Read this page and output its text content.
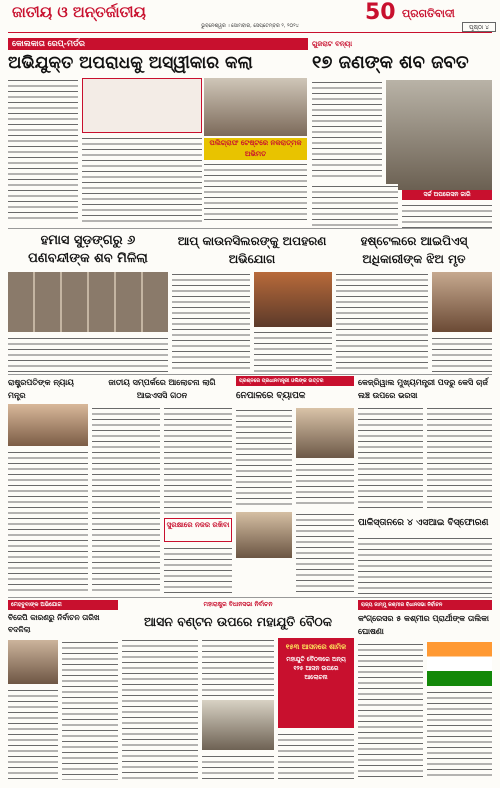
ଜାତୀୟ ଓ ଅନ୍ତର୍ଜାତୀୟ
ଭୁବନେଶ୍ୱର । ସୋମବାର, ସେପ୍ଟେମ୍ବର ୨, ୨୦୨୪
50 ପ୍ରଗତିବାଦୀ
ପୃଷ୍ଠା ୪
କୋଲକାତା ରେପ୍‌-ମର୍ଡର
ଅଭିଯୁକ୍ତ ଅପରାଧକୁ ଅସ୍ୱୀକାର କଲା
ପଲିଗ୍ରାଫ ଟେଷ୍ଟରେ ନକରାତ୍ମକ ଅଭିମତ
ଗୁଜରାଟ ବନ୍ୟା
୧୭ ଜଣଙ୍କ ଶବ ଜବତ
ସର୍ଚ୍ଚ ଅପରେସନ ଜାରି
ହମାସ ସୁଡ଼ଙ୍ଗରୁ ୬ ପଣବନ୍ଦୀଙ୍କ ଶବ ମିଳିଲା
ଆପ୍ କାଉନସିଲରଙ୍କୁ ଅପହରଣ ଅଭିଯୋଗ
ହଷ୍ଟେଲରେ ଆଇପିଏସ୍ ଅଧିକାରୀଙ୍କ ଝିଅ ମୃତ
ରାଷ୍ଟ୍ରପତିଙ୍କ ନ୍ୟାୟ ମନ୍ତ୍ର
ଜାତୀୟ ସମ୍ପର୍କରେ ଆଲୋଚନା ଲାଗି ଆଇଏସସି ଗଠନ
ସୁରକ୍ଷାରେ ନଜର ରଖିବା
ପ୍ରଶ୍ନରେ ପ୍ରଧାନମନ୍ତ୍ରୀ ଓଲିଙ୍କ ଉତ୍ତର
ନେପାଳରେ ବ୍ୟାପକ
କେଜ୍ରିୱାଲ ମୁଖ୍ୟମନ୍ତ୍ରୀ ପଦରୁ କେସି ଚାର୍ଜ ଲଞ୍ଚ ଉପରେ ଭରସା
ପାକିସ୍ତାନରେ ୪ ଏସଆଇ ବିସ୍ଫୋରଣ
ମେହବୁବାଙ୍କ ଅଭିଯୋଗ
ବିଜେପି କାରଣରୁ ନିର୍ବାଚନ ତାରିଖ ବଦଳିଲା
ମହାରାଷ୍ଟ୍ର ବିଧାନସଭା ନିର୍ବାଚନ
ଆସନ ବଣ୍ଟନ ଉପରେ ମହାଯୁତି ବୈଠକ
୧୫୩ ଆସନରେ ଶାମିଳ
ମହାଯୁତି ବୈଠକରେ ଅନ୍ୟ ୧୨୫ ଆସନ ଉପରେ ଆଲୋଚନା
ରାଜ୍ୟ ଜାମ୍ମୁ କଶ୍ମୀର ବିଧାନସଭା ନିର୍ବାଚନ
କଂଗ୍ରେସର ୫ କଶ୍ମୀର ପ୍ରାର୍ଥୀଙ୍କ ତାଲିକା ଘୋଷଣା
